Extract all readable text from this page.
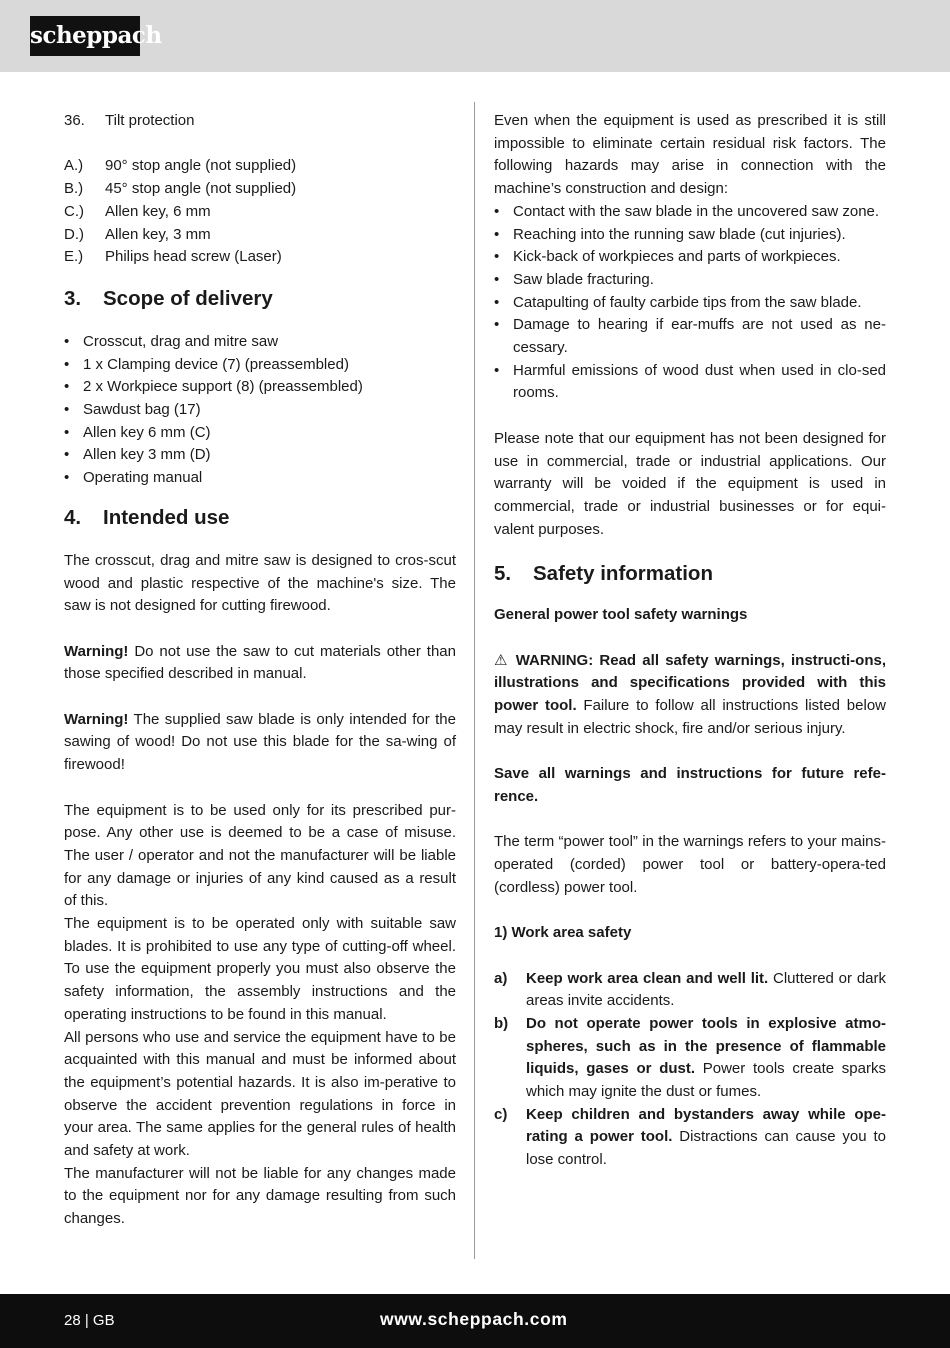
scheppach
36.	Tilt protection
A.)	90° stop angle (not supplied)
B.)	45° stop angle (not supplied)
C.)	Allen key, 6 mm
D.)	Allen key, 3 mm
E.)	Philips head screw (Laser)
3.	Scope of delivery
• Crosscut, drag and mitre saw
• 1 x Clamping device (7) (preassembled)
• 2 x Workpiece support (8) (preassembled)
• Sawdust bag (17)
• Allen key 6 mm (C)
• Allen key 3 mm (D)
• Operating manual
4.	Intended use

The crosscut, drag and mitre saw is designed to cros-scut wood and plastic respective of the machine's size. The saw is not designed for cutting firewood.

Warning! Do not use the saw to cut materials other than those specified described in manual.

Warning! The supplied saw blade is only intended for the sawing of wood! Do not use this blade for the sa-wing of firewood!

The equipment is to be used only for its prescribed pur-pose. Any other use is deemed to be a case of misuse. The user / operator and not the manufacturer will be liable for any damage or injuries of any kind caused as a result of this.

The equipment is to be operated only with suitable saw blades. It is prohibited to use any type of cutting-off wheel. To use the equipment properly you must also observe the safety information, the assembly instructions and the operating instructions to be found in this manual.

All persons who use and service the equipment have to be acquainted with this manual and must be informed about the equipment’s potential hazards. It is also im-perative to observe the accident prevention regulations in force in your area. The same applies for the general rules of health and safety at work.

The manufacturer will not be liable for any changes made to the equipment nor for any damage resulting from such changes.

Even when the equipment is used as prescribed it is still impossible to eliminate certain residual risk factors. The following hazards may arise in connection with the machine’s construction and design:

• Contact with the saw blade in the uncovered saw zone.
• Reaching into the running saw blade (cut injuries).
• Kick-back of workpieces and parts of workpieces.
• Saw blade fracturing.
• Catapulting of faulty carbide tips from the saw blade.
• Damage to hearing if ear-muffs are not used as ne-cessary.
• Harmful emissions of wood dust when used in clo-sed rooms.

Please note that our equipment has not been designed for use in commercial, trade or industrial applications. Our warranty will be voided if the equipment is used in commercial, trade or industrial businesses or for equi-valent purposes.

5.	Safety information

General power tool safety warnings

⚠ WARNING: Read all safety warnings, instructi-ons, illustrations and specifications provided with this power tool. Failure to follow all instructions listed below may result in electric shock, fire and/or serious injury.

Save all warnings and instructions for future refe-rence.

The term “power tool” in the warnings refers to your mains-operated (corded) power tool or battery-opera-ted (cordless) power tool.

1) Work area safety

a)	Keep work area clean and well lit. Cluttered or dark areas invite accidents.
b)	Do not operate power tools in explosive atmo-spheres, such as in the presence of flammable liquids, gases or dust. Power tools create sparks which may ignite the dust or fumes.
c)	Keep children and bystanders away while ope-rating a power tool. Distractions can cause you to lose control.
28 | GB	www.scheppach.com
